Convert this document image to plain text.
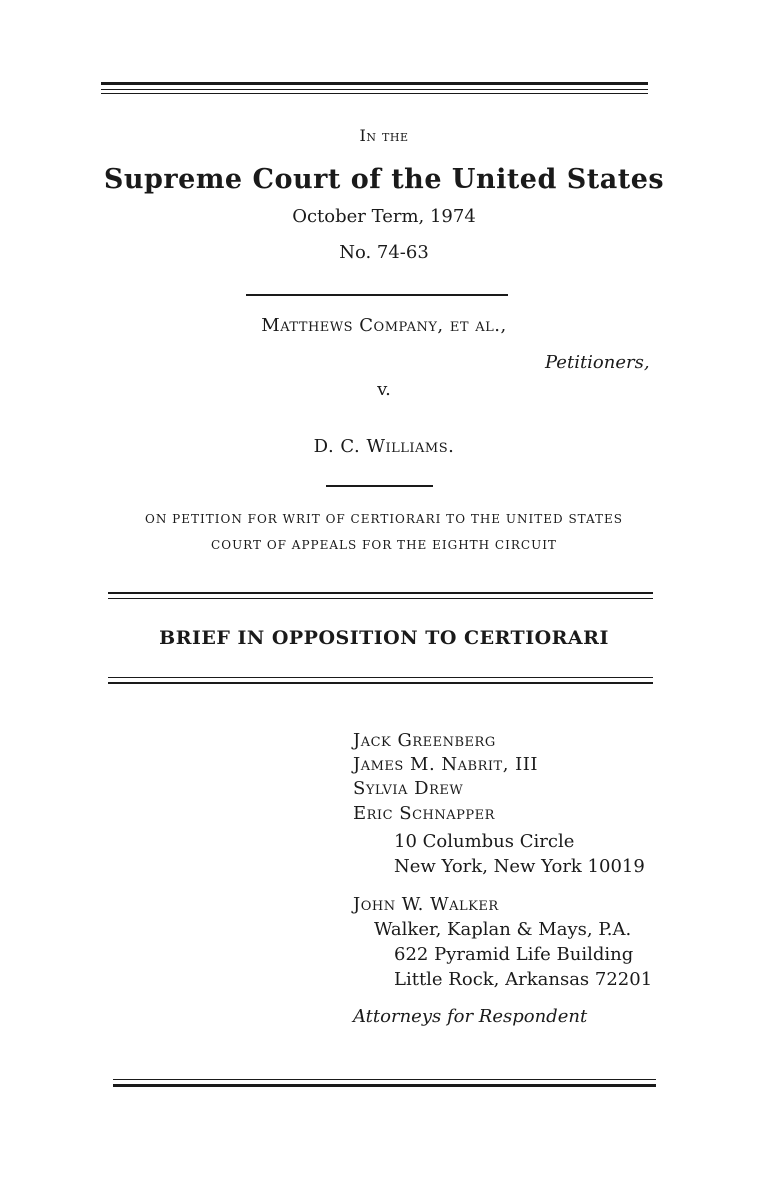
In the
Supreme Court of the United States
October Term, 1974
No. 74-63
Matthews Company, et al.,
Petitioners,
v.
D. C. Williams.
ON PETITION FOR WRIT OF CERTIORARI TO THE UNITED STATES
COURT OF APPEALS FOR THE EIGHTH CIRCUIT
BRIEF IN OPPOSITION TO CERTIORARI
Jack Greenberg
James M. Nabrit, III
Sylvia Drew
Eric Schnapper
10 Columbus Circle
New York, New York 10019
John W. Walker
Walker, Kaplan & Mays, P.A.
622 Pyramid Life Building
Little Rock, Arkansas 72201
Attorneys for Respondent
